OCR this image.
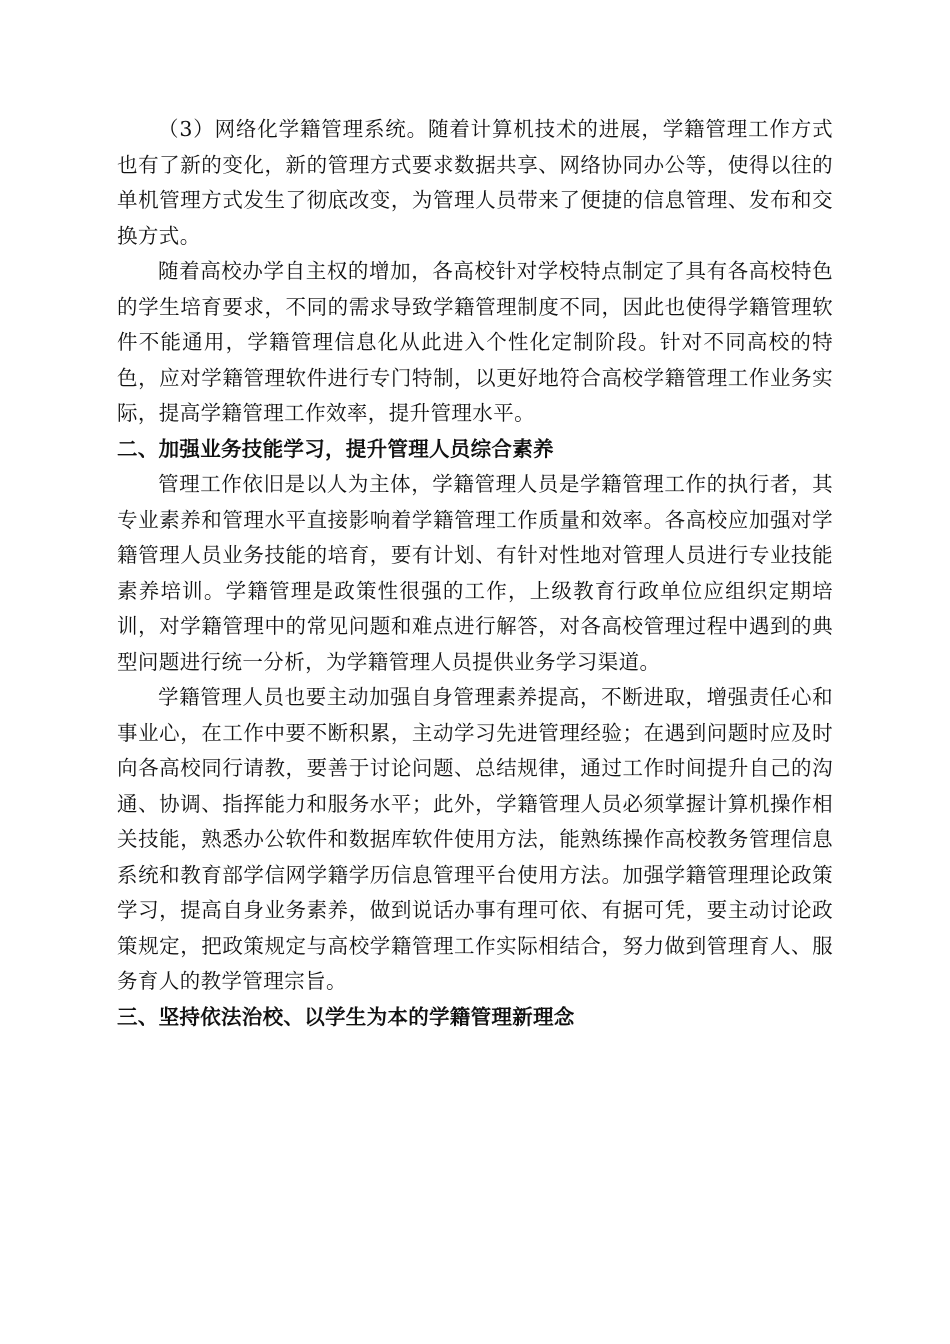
（3）网络化学籍管理系统。随着计算机技术的进展，学籍管理工作方式也有了新的变化，新的管理方式要求数据共享、网络协同办公等，使得以往的单机管理方式发生了彻底改变，为管理人员带来了便捷的信息管理、发布和交换方式。

随着高校办学自主权的增加，各高校针对学校特点制定了具有各高校特色的学生培育要求，不同的需求导致学籍管理制度不同，因此也使得学籍管理软件不能通用，学籍管理信息化从此进入个性化定制阶段。针对不同高校的特色，应对学籍管理软件进行专门特制，以更好地符合高校学籍管理工作业务实际，提高学籍管理工作效率，提升管理水平。

二、加强业务技能学习，提升管理人员综合素养

管理工作依旧是以人为主体，学籍管理人员是学籍管理工作的执行者，其专业素养和管理水平直接影响着学籍管理工作质量和效率。各高校应加强对学籍管理人员业务技能的培育，要有计划、有针对性地对管理人员进行专业技能素养培训。学籍管理是政策性很强的工作，上级教育行政单位应组织定期培训，对学籍管理中的常见问题和难点进行解答，对各高校管理过程中遇到的典型问题进行统一分析，为学籍管理人员提供业务学习渠道。

学籍管理人员也要主动加强自身管理素养提高，不断进取，增强责任心和事业心，在工作中要不断积累，主动学习先进管理经验；在遇到问题时应及时向各高校同行请教，要善于讨论问题、总结规律，通过工作时间提升自己的沟通、协调、指挥能力和服务水平；此外，学籍管理人员必须掌握计算机操作相关技能，熟悉办公软件和数据库软件使用方法，能熟练操作高校教务管理信息系统和教育部学信网学籍学历信息管理平台使用方法。加强学籍管理理论政策学习，提高自身业务素养，做到说话办事有理可依、有据可凭，要主动讨论政策规定，把政策规定与高校学籍管理工作实际相结合，努力做到管理育人、服务育人的教学管理宗旨。

三、坚持依法治校、以学生为本的学籍管理新理念
